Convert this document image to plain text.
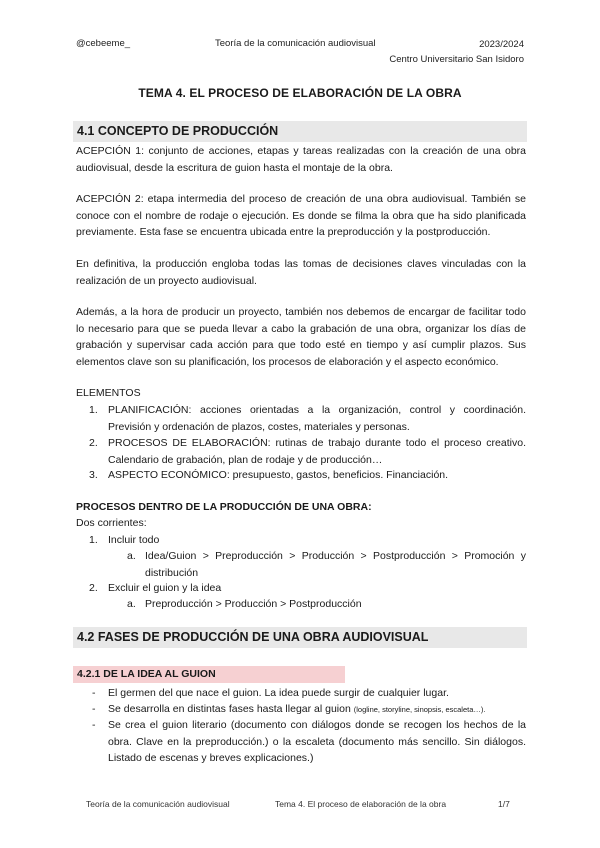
@cebeeme_	Teoría de la comunicación audiovisual	2023/2024
Centro Universitario San Isidoro
TEMA 4. EL PROCESO DE ELABORACIÓN DE LA OBRA
4.1 CONCEPTO DE PRODUCCIÓN
ACEPCIÓN 1: conjunto de acciones, etapas y tareas realizadas con la creación de una obra audiovisual, desde la escritura de guion hasta el montaje de la obra.
ACEPCIÓN 2: etapa intermedia del proceso de creación de una obra audiovisual. También se conoce con el nombre de rodaje o ejecución. Es donde se filma la obra que ha sido planificada previamente. Esta fase se encuentra ubicada entre la preproducción y la postproducción.
En definitiva, la producción engloba todas las tomas de decisiones claves vinculadas con la realización de un proyecto audiovisual.
Además, a la hora de producir un proyecto, también nos debemos de encargar de facilitar todo lo necesario para que se pueda llevar a cabo la grabación de una obra, organizar los días de grabación y supervisar cada acción para que todo esté en tiempo y así cumplir plazos. Sus elementos clave son su planificación, los procesos de elaboración y el aspecto económico.
ELEMENTOS
1. PLANIFICACIÓN: acciones orientadas a la organización, control y coordinación. Previsión y ordenación de plazos, costes, materiales y personas.
2. PROCESOS DE ELABORACIÓN: rutinas de trabajo durante todo el proceso creativo. Calendario de grabación, plan de rodaje y de producción…
3. ASPECTO ECONÓMICO: presupuesto, gastos, beneficios. Financiación.
PROCESOS DENTRO DE LA PRODUCCIÓN DE UNA OBRA:
Dos corrientes:
1. Incluir todo
a. Idea/Guion > Preproducción > Producción > Postproducción > Promoción y distribución
2. Excluir el guion y la idea
a. Preproducción > Producción > Postproducción
4.2 FASES DE PRODUCCIÓN DE UNA OBRA AUDIOVISUAL
4.2.1 DE LA IDEA AL GUION
- El germen del que nace el guion. La idea puede surgir de cualquier lugar.
- Se desarrolla en distintas fases hasta llegar al guion (logline, storyline, sinopsis, escaleta…).
- Se crea el guion literario (documento con diálogos donde se recogen los hechos de la obra. Clave en la preproducción.) o la escaleta (documento más sencillo. Sin diálogos. Listado de escenas y breves explicaciones.)
Teoría de la comunicación audiovisual	Tema 4. El proceso de elaboración de la obra	1/7
